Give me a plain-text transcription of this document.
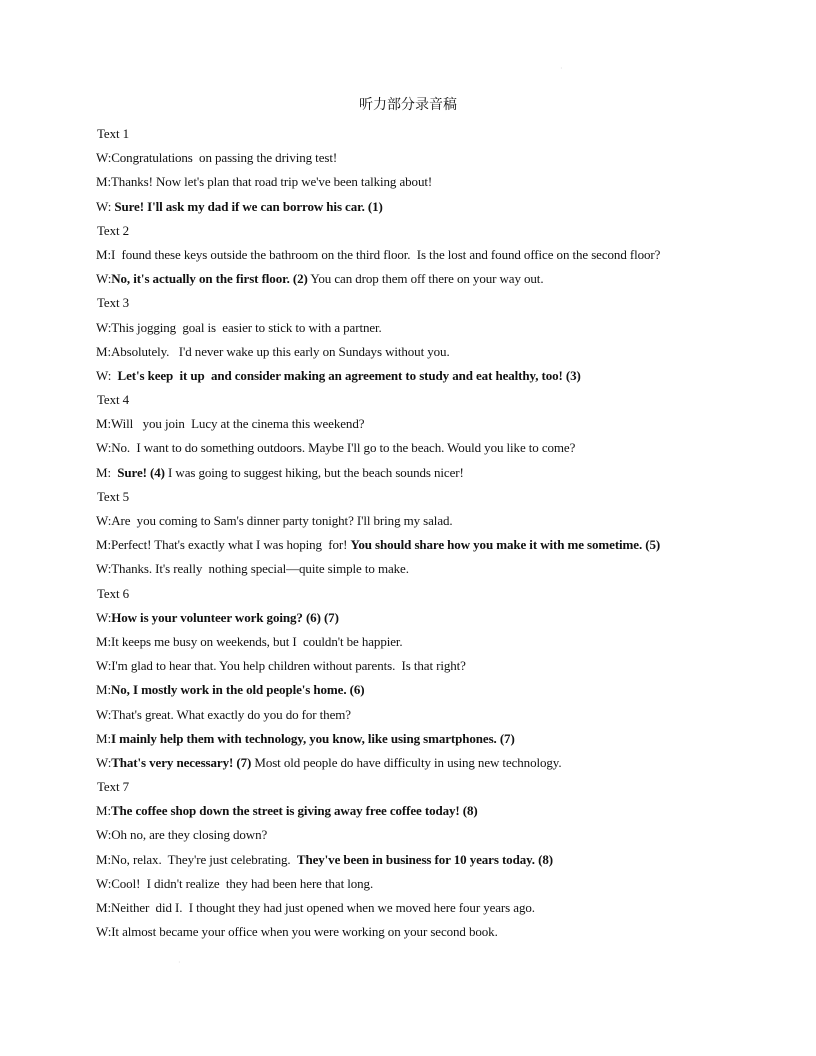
听力部分录音稿
Text 1
W:Congratulations  on passing the driving test!
M:Thanks! Now let's plan that road trip we've been talking about!
W: Sure! I'll ask my dad if we can borrow his car. (1)
Text 2
M:I  found these keys outside the bathroom on the third floor.  Is the lost and found office on the second floor?
W:No, it's actually on the first floor. (2) You can drop them off there on your way out.
Text 3
W:This jogging  goal is  easier to stick to with a partner.
M:Absolutely.   I'd never wake up this early on Sundays without you.
W:  Let's keep  it up  and consider making an agreement to study and eat healthy, too! (3)
Text 4
M:Will   you join  Lucy at the cinema this weekend?
W:No.  I want to do something outdoors. Maybe I'll go to the beach. Would you like to come?
M:  Sure! (4) I was going to suggest hiking, but the beach sounds nicer!
Text 5
W:Are  you coming to Sam's dinner party tonight? I'll bring my salad.
M:Perfect! That's exactly what I was hoping  for! You should share how you make it with me sometime. (5)
W:Thanks. It's really  nothing special—quite simple to make.
Text 6
W:How is your volunteer work going? (6) (7)
M:It keeps me busy on weekends, but I  couldn't be happier.
W:I'm glad to hear that. You help children without parents.  Is that right?
M:No, I mostly work in the old people's home. (6)
W:That's great. What exactly do you do for them?
M:I mainly help them with technology, you know, like using smartphones. (7)
W:That's very necessary! (7) Most old people do have difficulty in using new technology.
Text 7
M:The coffee shop down the street is giving away free coffee today! (8)
W:Oh no, are they closing down?
M:No, relax.  They're just celebrating.  They've been in business for 10 years today. (8)
W:Cool!  I didn't realize  they had been here that long.
M:Neither  did I.  I thought they had just opened when we moved here four years ago.
W:It almost became your office when you were working on your second book.
·
·
